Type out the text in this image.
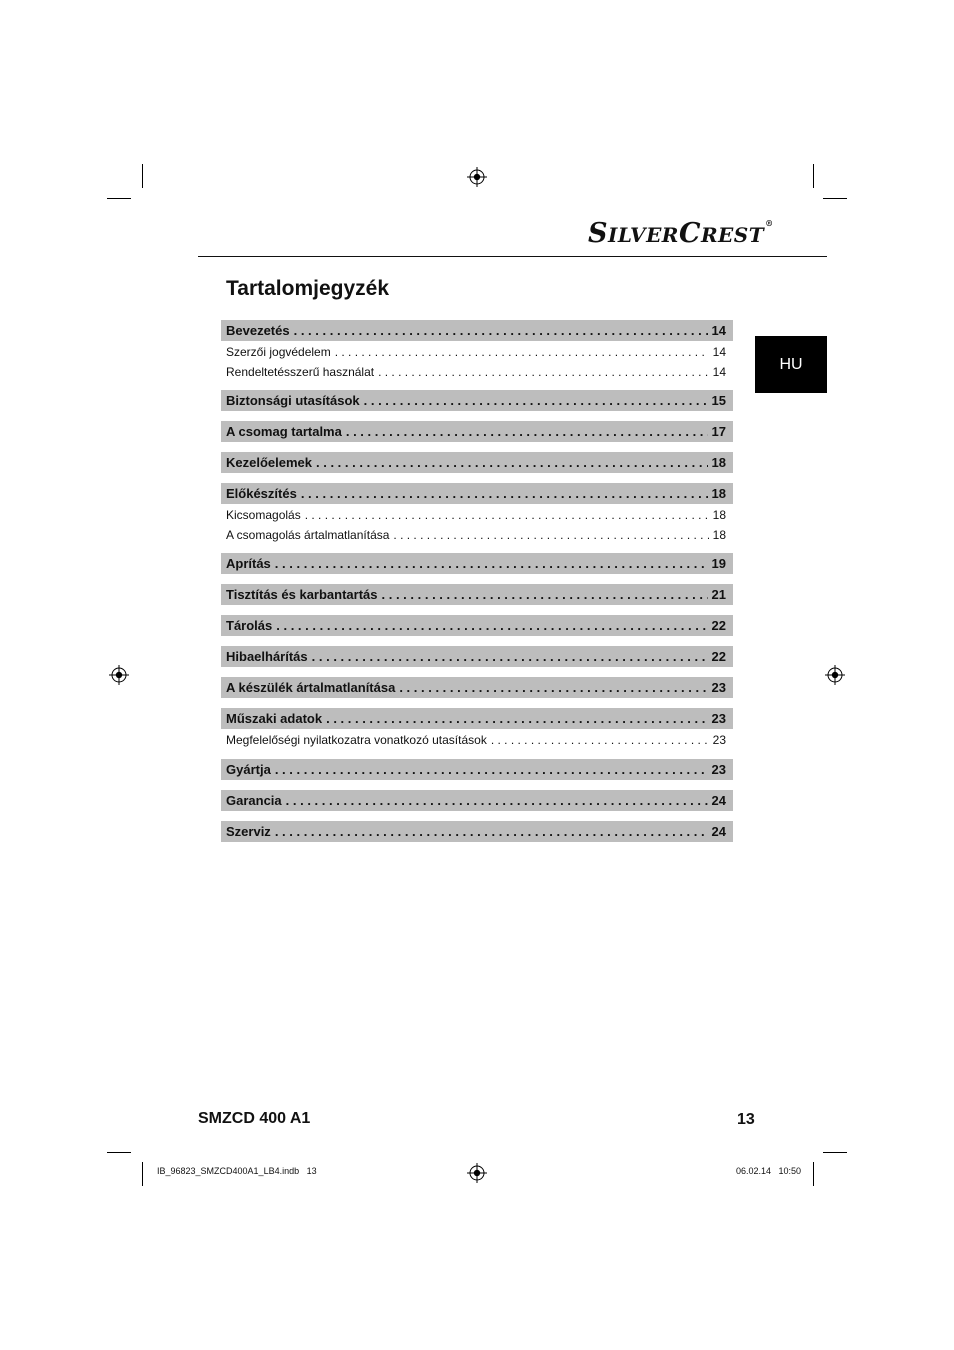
SILVERCREST®
Tartalomjegyzék
HU
Bevezetés . . .	14
Szerzői jogvédelem . . .	14
Rendeltetésszerű használat . . .	14
Biztonsági utasítások . . .	15
A csomag tartalma . . .	17
Kezelőelemek . . .	18
Előkészítés . . .	18
Kicsomagolás . . .	18
A csomagolás ártalmatlanítása . . .	18
Aprítás . . .	19
Tisztítás és karbantartás . . .	21
Tárolás . . .	22
Hibaelhárítás . . .	22
A készülék ártalmatlanítása . . .	23
Műszaki adatok . . .	23
Megfelelőségi nyilatkozatra vonatkozó utasítások . . .	23
Gyártja . . .	23
Garancia . . .	24
Szerviz . . .	24
SMZCD 400 A1	13
IB_96823_SMZCD400A1_LB4.indb   13	06.02.14   10:50
